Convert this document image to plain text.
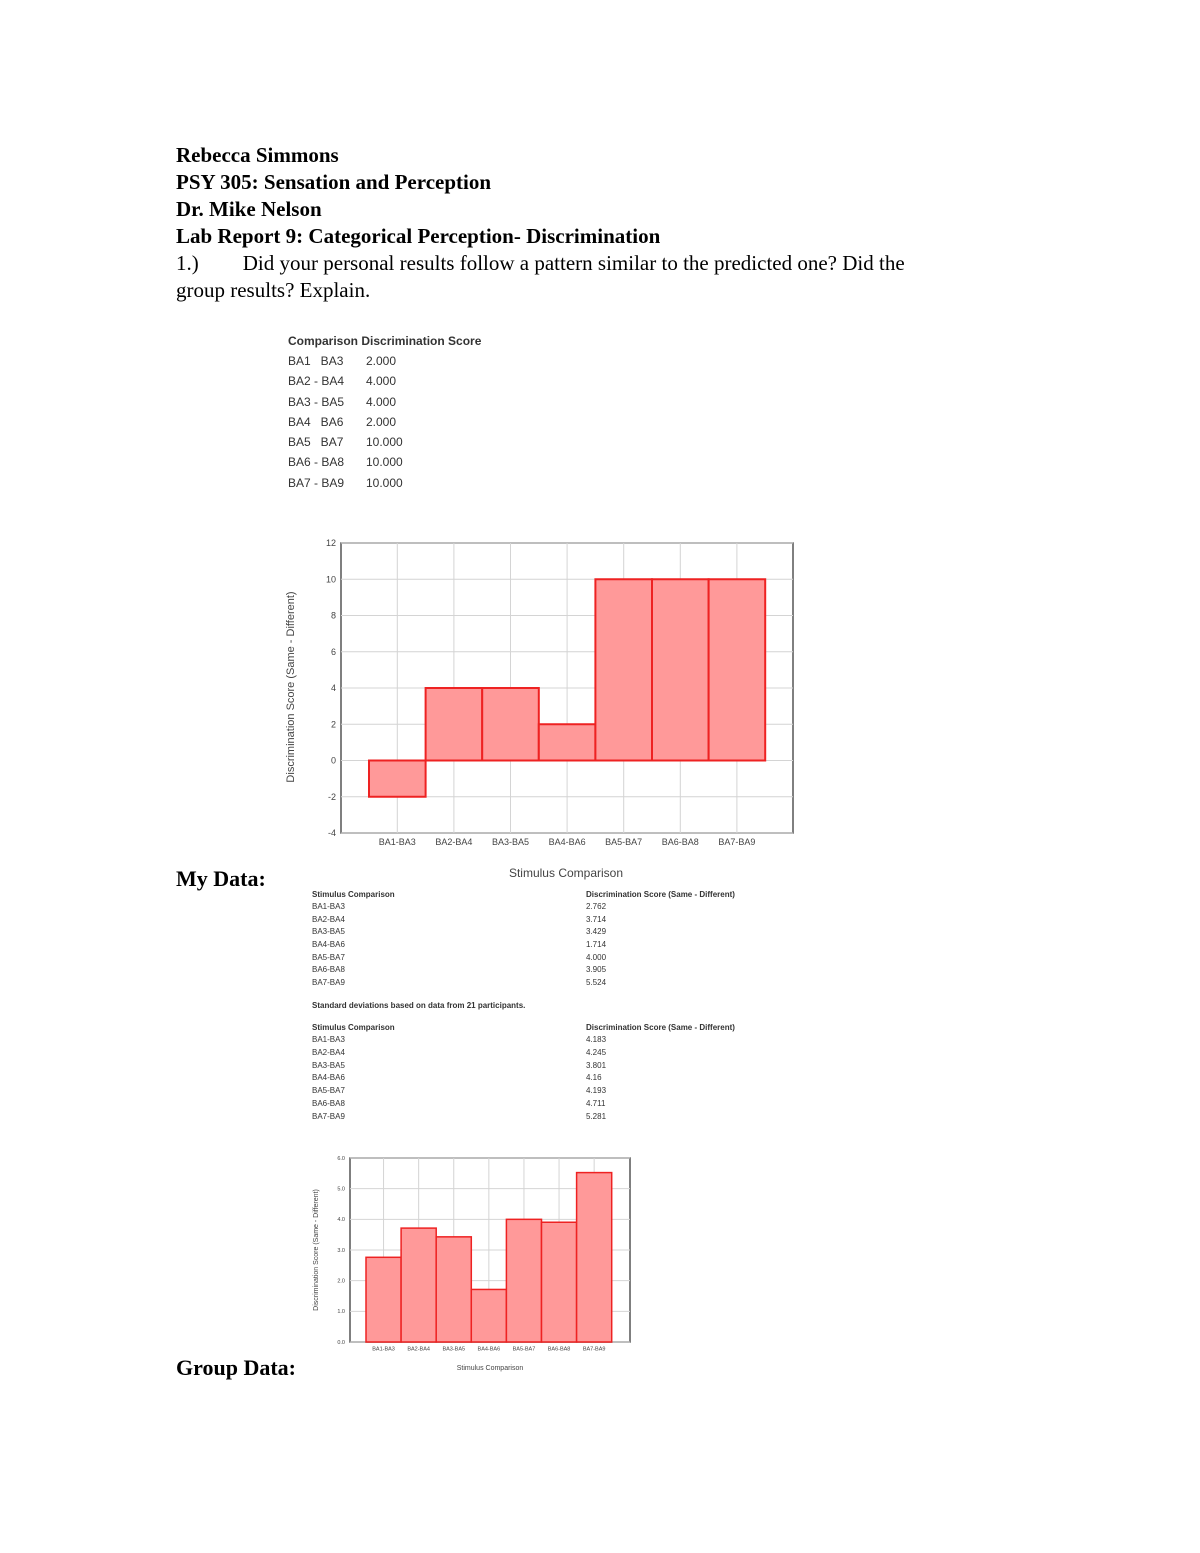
Rebecca Simmons
PSY 305: Sensation and Perception
Dr. Mike Nelson
Lab Report 9: Categorical Perception- Discrimination
1.) Did your personal results follow a pattern similar to the predicted one? Did the
group results? Explain.
Comparison Discrimination Score
BA1   BA3 2.000
BA2 - BA4 4.000
BA3 - BA5 4.000
BA4   BA6 2.000
BA5   BA7 10.000
BA6 - BA8 10.000
BA7 - BA9 10.000
Discrimination Score (Same - Different)
Stimulus Comparison
12
10
8
6
4
2
0
-2
-4
BA1-BA3 BA2-BA4 BA3-BA5 BA4-BA6 BA5-BA7 BA6-BA8 BA7-BA9
My Data:
Stimulus Comparison	Discrimination Score (Same - Different)
BA1-BA3	2.762
BA2-BA4	3.714
BA3-BA5	3.429
BA4-BA6	1.714
BA5-BA7	4.000
BA6-BA8	3.905
BA7-BA9	5.524
Standard deviations based on data from 21 participants.
Stimulus Comparison	Discrimination Score (Same - Different)
BA1-BA3	4.183
BA2-BA4	4.245
BA3-BA5	3.801
BA4-BA6	4.16
BA5-BA7	4.193
BA6-BA8	4.711
BA7-BA9	5.281
Discrimination Score (Same - Different)
Stimulus Comparison
6.0
5.0
4.0
3.0
2.0
1.0
0.0
BA1-BA3 BA2-BA4 BA3-BA5 BA4-BA6 BA5-BA7 BA6-BA8 BA7-BA9
Group Data:
